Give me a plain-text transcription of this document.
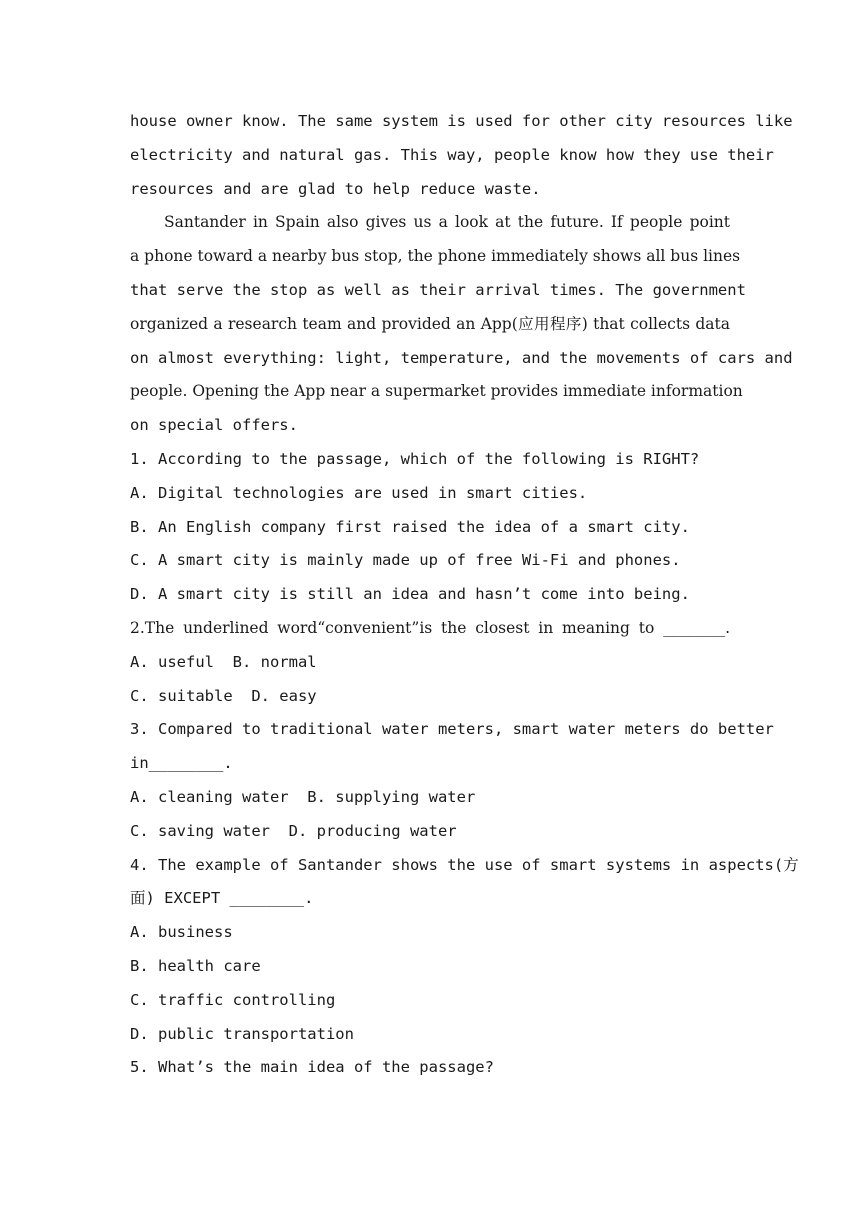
house owner know. The same system is used for other city resources like
electricity and natural gas. This way, people know how they use their
resources and are glad to help reduce waste.
Santander in Spain also gives us a look at the future. If people point
a phone toward a nearby bus stop, the phone immediately shows all bus lines
that serve the stop as well as their arrival times. The government
organized a research team and provided an App(应用程序) that collects data
on almost everything: light, temperature, and the movements of cars and
people. Opening the App near a supermarket provides immediate information
on special offers.
1. According to the passage, which of the following is RIGHT?
A. Digital technologies are used in smart cities.
B. An English company first raised the idea of a smart city.
C. A smart city is mainly made up of free Wi-Fi and phones.
D. A smart city is still an idea and hasn’t come into being.
2.The underlined word“convenient”is the closest in meaning to ________.
A. useful  B. normal
C. suitable  D. easy
3. Compared to traditional water meters, smart water meters do better
in________.
A. cleaning water  B. supplying water
C. saving water  D. producing water
4. The example of Santander shows the use of smart systems in aspects(方
面) EXCEPT ________.
A. business
B. health care
C. traffic controlling
D. public transportation
5. What’s the main idea of the passage?
